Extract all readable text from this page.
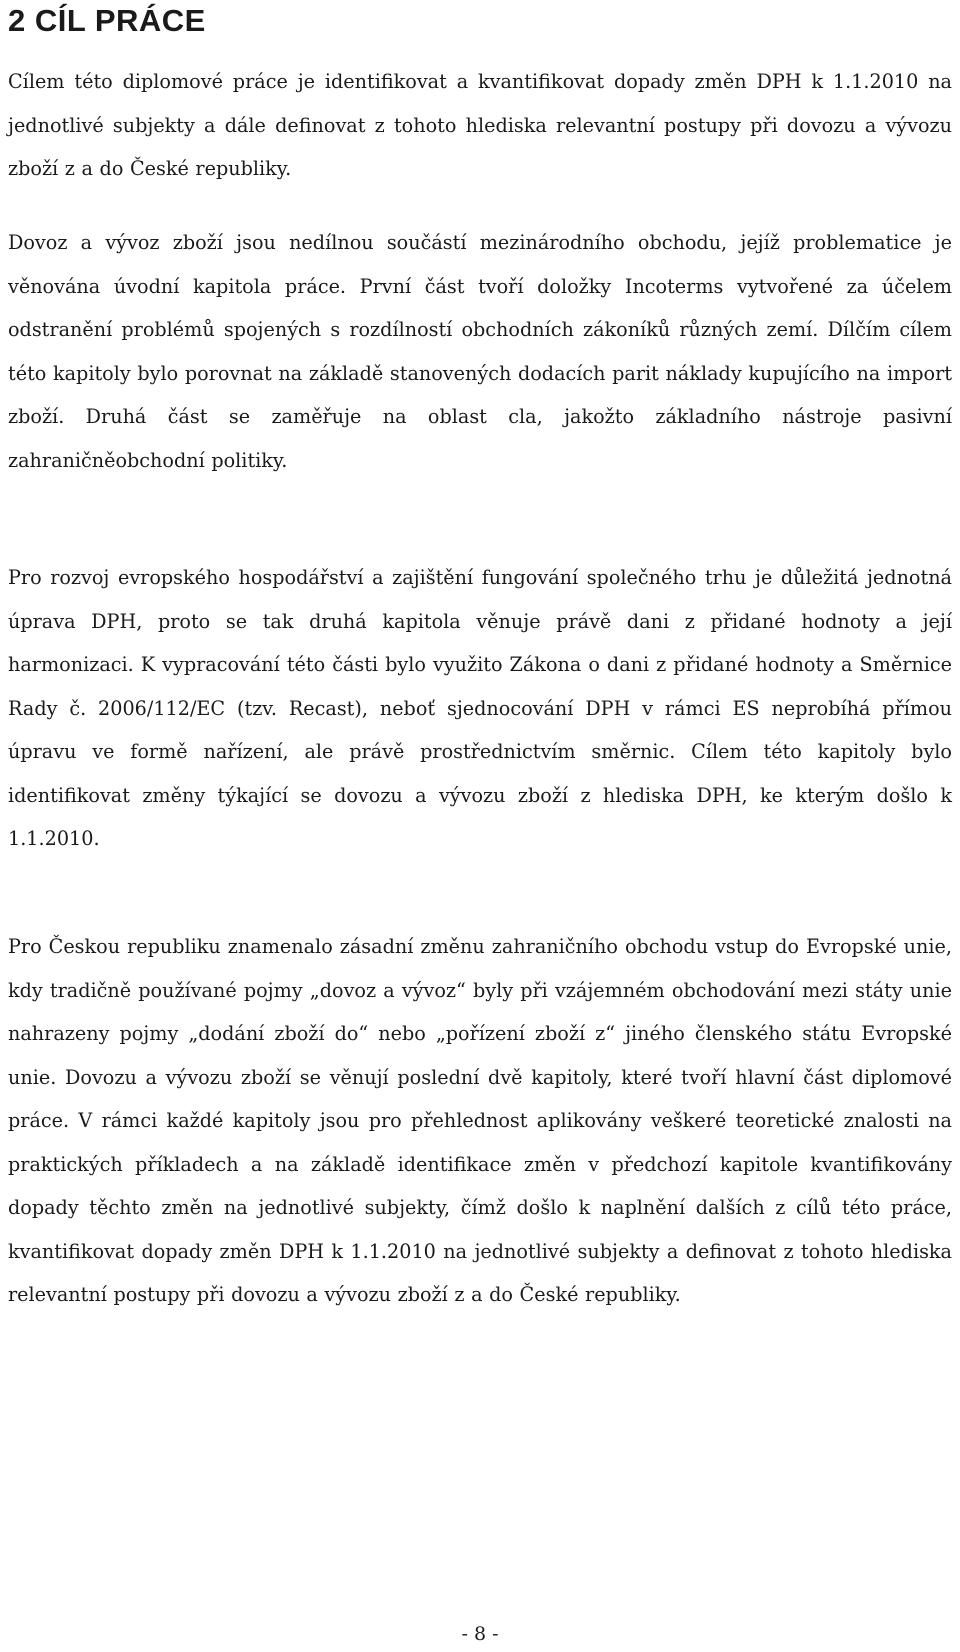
2 CÍL PRÁCE

Cílem této diplomové práce je identifikovat a kvantifikovat dopady změn DPH k 1.1.2010 na jednotlivé subjekty a dále definovat z tohoto hlediska relevantní postupy při dovozu a vývozu zboží z a do České republiky.

Dovoz a vývoz zboží jsou nedílnou součástí mezinárodního obchodu, jejíž problematice je věnována úvodní kapitola práce. První část tvoří doložky Incoterms vytvořené za účelem odstranění problémů spojených s rozdílností obchodních zákoníků různých zemí. Dílčím cílem této kapitoly bylo porovnat na základě stanovených dodacích parit náklady kupujícího na import zboží. Druhá část se zaměřuje na oblast cla, jakožto základního nástroje pasivní zahraničněobchodní politiky.

Pro rozvoj evropského hospodářství a zajištění fungování společného trhu je důležitá jednotná úprava DPH, proto se tak druhá kapitola věnuje právě dani z přidané hodnoty a její harmonizaci. K vypracování této části bylo využito Zákona o dani z přidané hodnoty a Směrnice Rady č. 2006/112/EC (tzv. Recast), neboť sjednocování DPH v rámci ES neprobíhá přímou úpravu ve formě nařízení, ale právě prostřednictvím směrnic. Cílem této kapitoly bylo identifikovat změny týkající se dovozu a vývozu zboží z hlediska DPH, ke kterým došlo k 1.1.2010.

Pro Českou republiku znamenalo zásadní změnu zahraničního obchodu vstup do Evropské unie, kdy tradičně používané pojmy „dovoz a vývoz“ byly při vzájemném obchodování mezi státy unie nahrazeny pojmy „dodání zboží do“ nebo „pořízení zboží z“ jiného členského státu Evropské unie. Dovozu a vývozu zboží se věnují poslední dvě kapitoly, které tvoří hlavní část diplomové práce. V rámci každé kapitoly jsou pro přehlednost aplikovány veškeré teoretické znalosti na praktických příkladech a na základě identifikace změn v předchozí kapitole kvantifikovány dopady těchto změn na jednotlivé subjekty, čímž došlo k naplnění dalších z cílů této práce, kvantifikovat dopady změn DPH k 1.1.2010 na jednotlivé subjekty a definovat z tohoto hlediska relevantní postupy při dovozu a vývozu zboží z a do České republiky.

- 8 -
